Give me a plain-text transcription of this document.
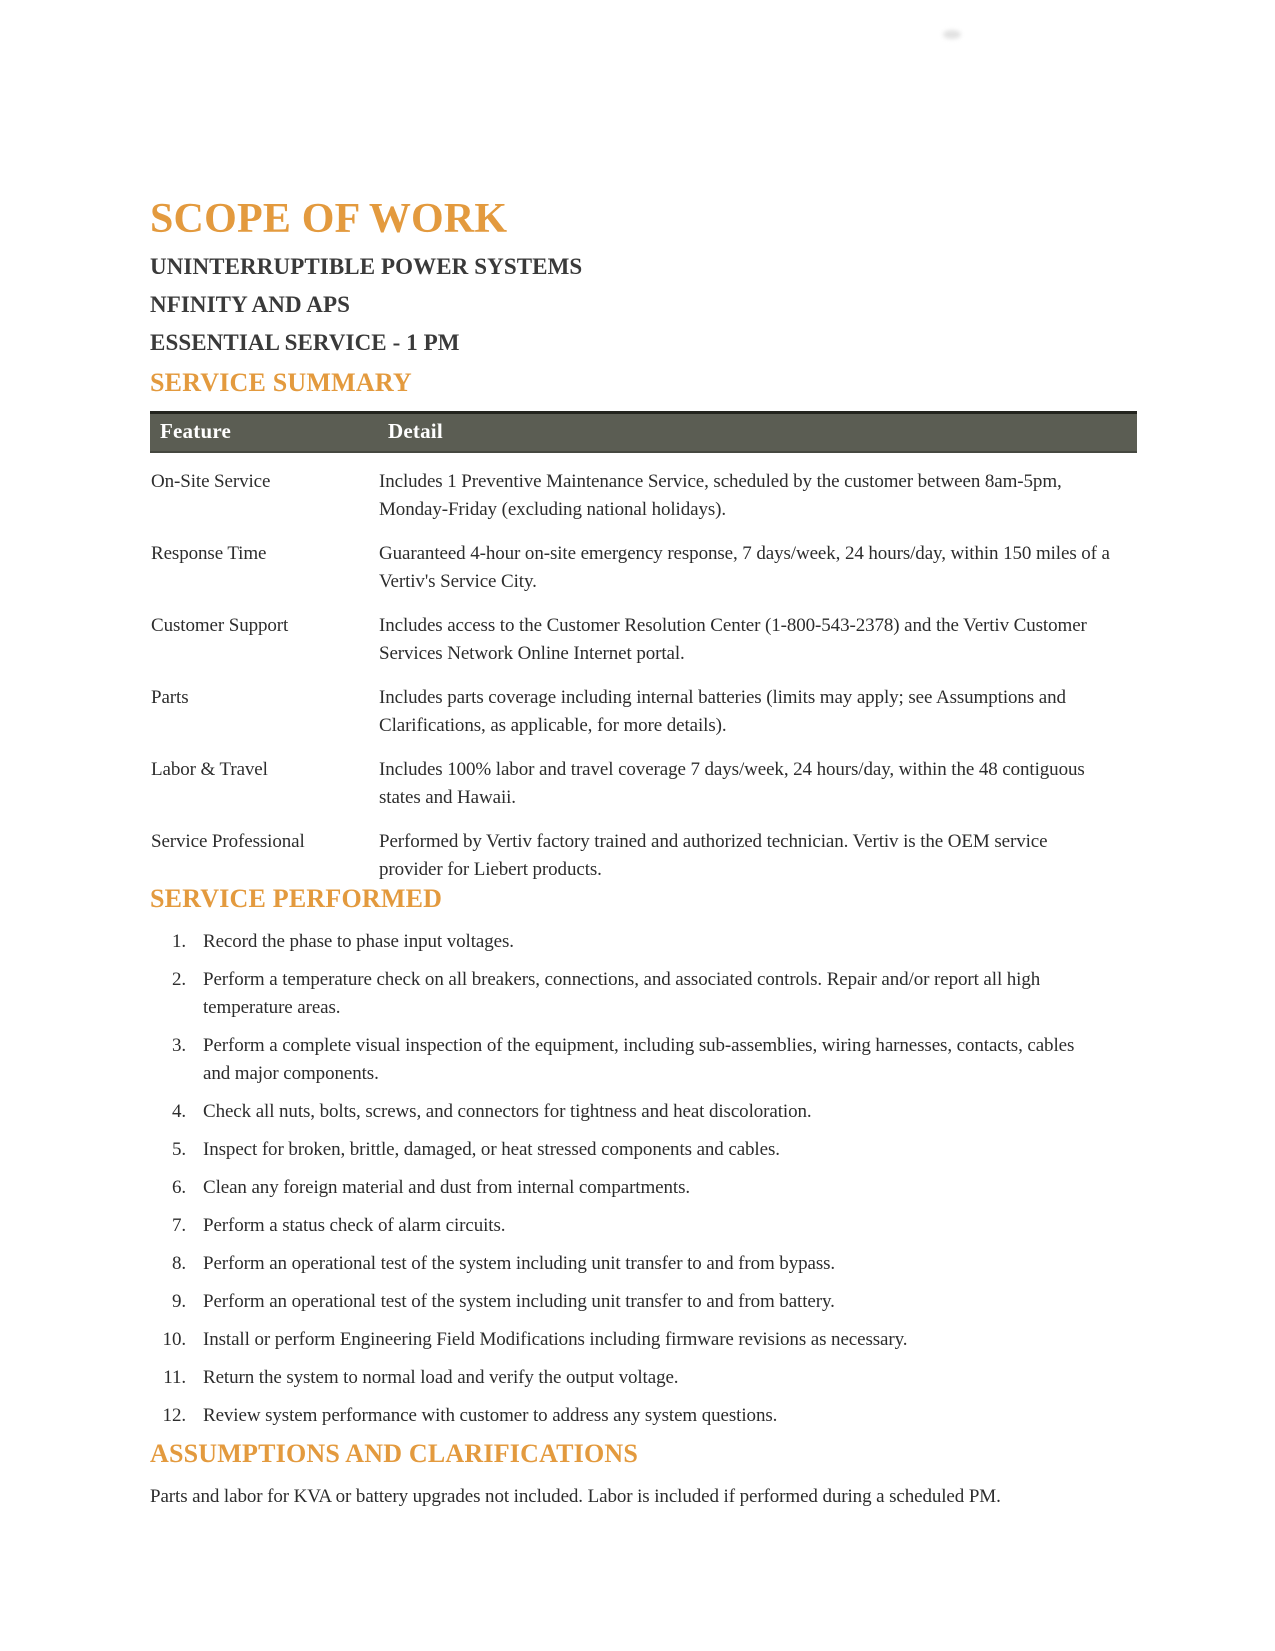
SCOPE OF WORK
UNINTERRUPTIBLE POWER SYSTEMS
NFINITY AND APS
ESSENTIAL SERVICE - 1 PM
SERVICE SUMMARY
Feature	Detail
On-Site Service	Includes 1 Preventive Maintenance Service, scheduled by the customer between 8am-5pm, Monday-Friday (excluding national holidays).
Response Time	Guaranteed 4-hour on-site emergency response, 7 days/week, 24 hours/day, within 150 miles of a Vertiv's Service City.
Customer Support	Includes access to the Customer Resolution Center (1-800-543-2378) and the Vertiv Customer Services Network Online Internet portal.
Parts	Includes parts coverage including internal batteries (limits may apply; see Assumptions and Clarifications, as applicable, for more details).
Labor & Travel	Includes 100% labor and travel coverage 7 days/week, 24 hours/day, within the 48 contiguous states and Hawaii.
Service Professional	Performed by Vertiv factory trained and authorized technician. Vertiv is the OEM service provider for Liebert products.
SERVICE PERFORMED
1. Record the phase to phase input voltages.
2. Perform a temperature check on all breakers, connections, and associated controls. Repair and/or report all high temperature areas.
3. Perform a complete visual inspection of the equipment, including sub-assemblies, wiring harnesses, contacts, cables and major components.
4. Check all nuts, bolts, screws, and connectors for tightness and heat discoloration.
5. Inspect for broken, brittle, damaged, or heat stressed components and cables.
6. Clean any foreign material and dust from internal compartments.
7. Perform a status check of alarm circuits.
8. Perform an operational test of the system including unit transfer to and from bypass.
9. Perform an operational test of the system including unit transfer to and from battery.
10. Install or perform Engineering Field Modifications including firmware revisions as necessary.
11. Return the system to normal load and verify the output voltage.
12. Review system performance with customer to address any system questions.
ASSUMPTIONS AND CLARIFICATIONS

Parts and labor for KVA or battery upgrades not included. Labor is included if performed during a scheduled PM.
